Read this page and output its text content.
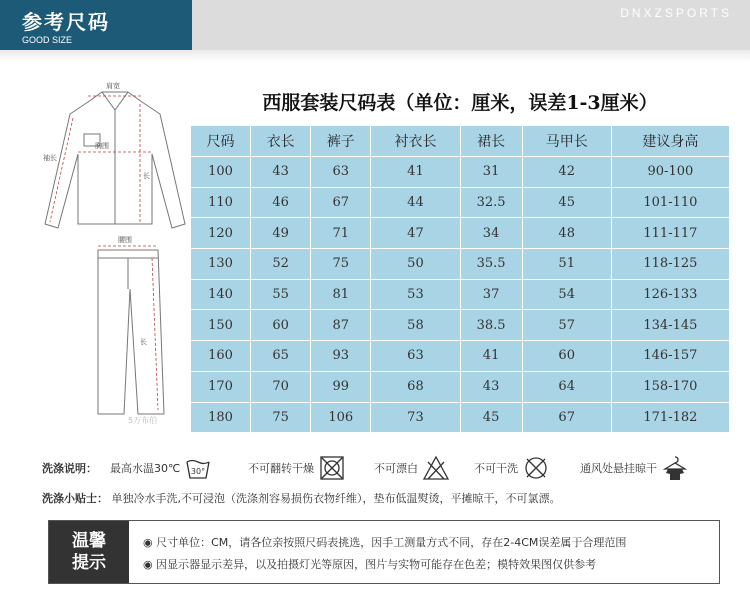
参考尺码
GOOD SIZE
DNXZSPORTS
肩宽
胸围
袖长
长
腰围
长
5万布伯
西服套装尺码表（单位：厘米，误差1-3厘米）
尺码	衣长	裤子	衬衣长	裙长	马甲长	建议身高
100	43	63	41	31	42	90-100
110	46	67	44	32.5	45	101-110
120	49	71	47	34	48	111-117
130	52	75	50	35.5	51	118-125
140	55	81	53	37	54	126-133
150	60	87	58	38.5	57	134-145
160	65	93	63	41	60	146-157
170	70	99	68	43	64	158-170
180	75	106	73	45	67	171-182
洗涤说明： 最高水温30℃ 30°	不可翻转干燥	不可漂白	不可干洗	通风处悬挂晾干
洗涤小贴士： 单独冷水手洗,不可浸泡（洗涤剂容易损伤衣物纤维），垫布低温熨烫，平摊晾干，不可氯漂。
温馨
提示
◉ 尺寸单位：CM，请各位亲按照尺码表挑选，因手工测量方式不同，存在2-4CM误差属于合理范围
◉ 因显示器显示差异，以及拍摄灯光等原因，图片与实物可能存在色差；模特效果图仅供参考
